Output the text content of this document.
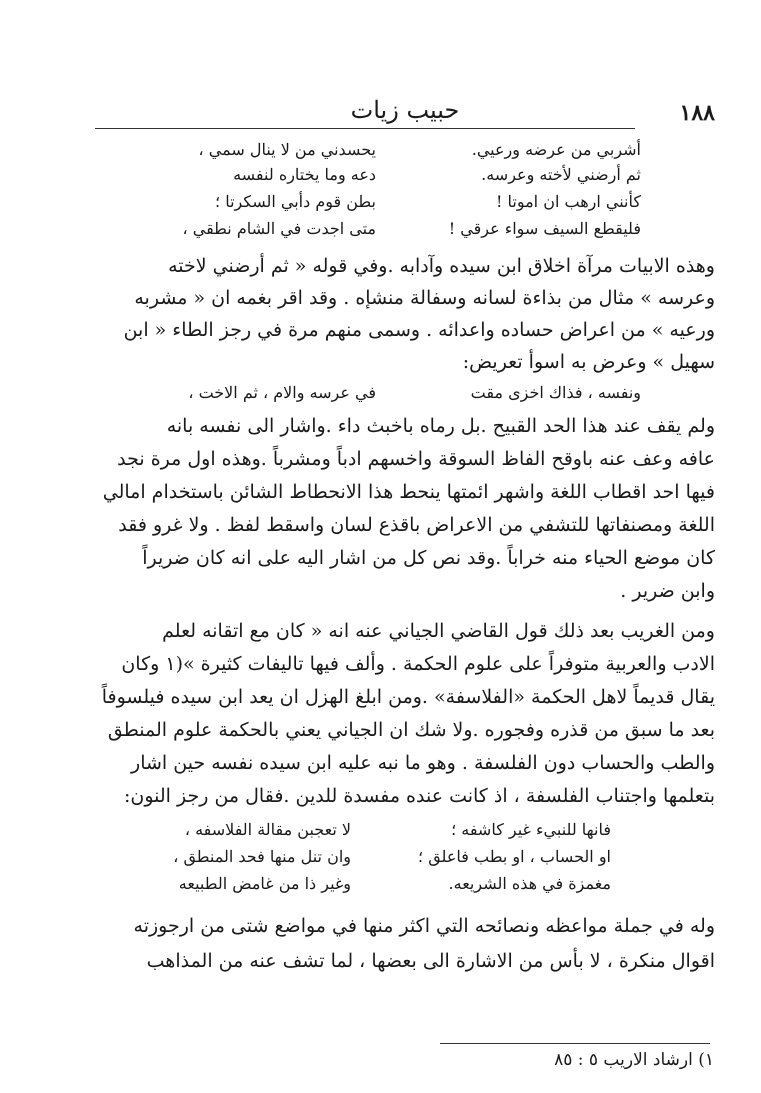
١٨٨
حبيب زيات
يحسدني من لا ينال سمي ،	أشربي من عرضه ورعيي.
دعه وما يختاره لنفسه	ثم أرضني لأخته وعرسه.
بطن قوم دأبي السكرتا ؛	كأنني ارهب ان اموتا !
متى اجدت في الشام نطقي ،	فليقطع السيف سواء عرقي !
وهذه الابيات مرآة اخلاق ابن سيده وآدابه .وفي قوله « ثم أرضني لاخته
وعرسه » مثال من بذاءة لسانه وسفالة منشإه . وقد اقر بغمه ان « مشربه
ورعيه » من اعراض حساده واعدائه . وسمى منهم مرة في رجز الطاء « ابن
سهيل » وعرض به اسوأ تعريض:
في عرسه والام ، ثم الاخت ،	ونفسه ، فذاك اخزى مقت
ولم يقف عند هذا الحد القبيح .بل رماه باخبث داء .واشار الى نفسه بانه
عافه وعف عنه باوقح الفاظ السوقة واخسهم ادباً ومشرباً .وهذه اول مرة نجد
فيها احد اقطاب اللغة واشهر ائمتها ينحط هذا الانحطاط الشائن باستخدام امالي
اللغة ومصنفاتها للتشفي من الاعراض باقذع لسان واسقط لفظ . ولا غرو فقد
كان موضع الحياء منه خراباً .وقد نص كل من اشار اليه على انه كان ضريراً
وابن ضرير .
ومن الغريب بعد ذلك قول القاضي الجياني عنه انه « كان مع اتقانه لعلم
الادب والعربية متوفراً على علوم الحكمة . وألف فيها تاليفات كثيرة »(١ وكان
يقال قديماً لاهل الحكمة «الفلاسفة» .ومن ابلغ الهزل ان يعد ابن سيده فيلسوفاً
بعد ما سبق من قذره وفجوره .ولا شك ان الجياني يعني بالحكمة علوم المنطق
والطب والحساب دون الفلسفة . وهو ما نبه عليه ابن سيده نفسه حين اشار
بتعلمها واجتناب الفلسفة ، اذ كانت عنده مفسدة للدين .فقال من رجز النون:
لا تعجبن مقالة الفلاسفه ،	فانها للنبيء غير كاشفه ؛
وان تنل منها فحد المنطق ،	او الحساب ، او بطب فاعلق ؛
وغير ذا من غامض الطبيعه	مغمزة في هذه الشريعه.
وله في جملة مواعظه ونصائحه التي اكثر منها في مواضع شتى من ارجوزته
اقوال منكرة ، لا بأس من الاشارة الى بعضها ، لما تشف عنه من المذاهب
١) ارشاد الاريب ٥ : ٨٥
